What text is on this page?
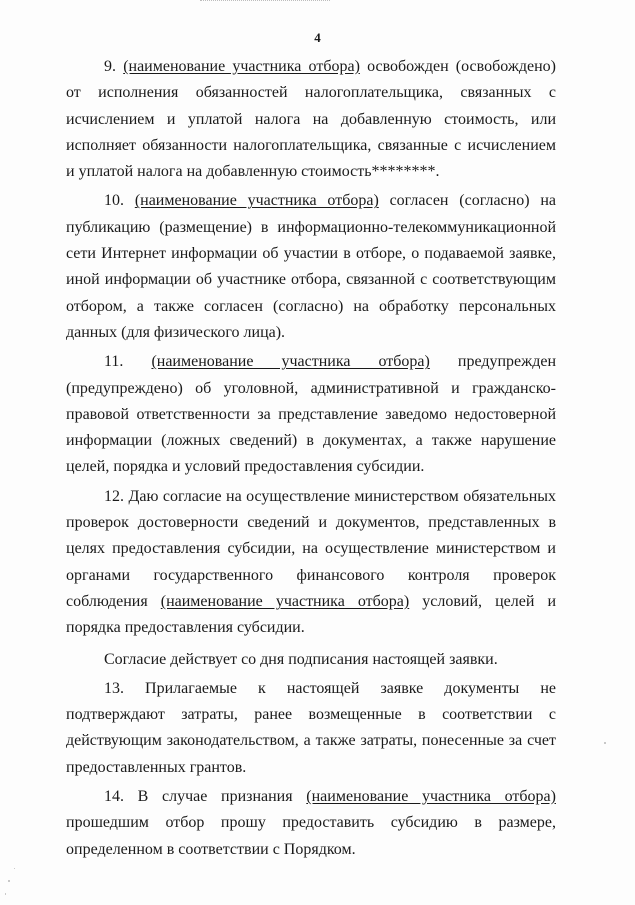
4

9. (наименование участника отбора) освобожден (освобождено) от исполнения обязанностей налогоплательщика, связанных с исчислением и уплатой налога на добавленную стоимость, или исполняет обязанности налогоплательщика, связанные с исчислением и уплатой налога на добавленную стоимость********.

10. (наименование участника отбора) согласен (согласно) на публикацию (размещение) в информационно-телекоммуникационной сети Интернет информации об участии в отборе, о подаваемой заявке, иной информации об участнике отбора, связанной с соответствующим отбором, а также согласен (согласно) на обработку персональных данных (для физического лица).

11. (наименование участника отбора) предупрежден (предупреждено) об уголовной, административной и гражданско-правовой ответственности за представление заведомо недостоверной информации (ложных сведений) в документах, а также нарушение целей, порядка и условий предоставления субсидии.

12. Даю согласие на осуществление министерством обязательных проверок достоверности сведений и документов, представленных в целях предоставления субсидии, на осуществление министерством и органами государственного финансового контроля проверок соблюдения (наименование участника отбора) условий, целей и порядка предоставления субсидии.

Согласие действует со дня подписания настоящей заявки.

13. Прилагаемые к настоящей заявке документы не подтверждают затраты, ранее возмещенные в соответствии с действующим законодательством, а также затраты, понесенные за счет предоставленных грантов.

14. В случае признания (наименование участника отбора) прошедшим отбор прошу предоставить субсидию в размере, определенном в соответствии с Порядком.
